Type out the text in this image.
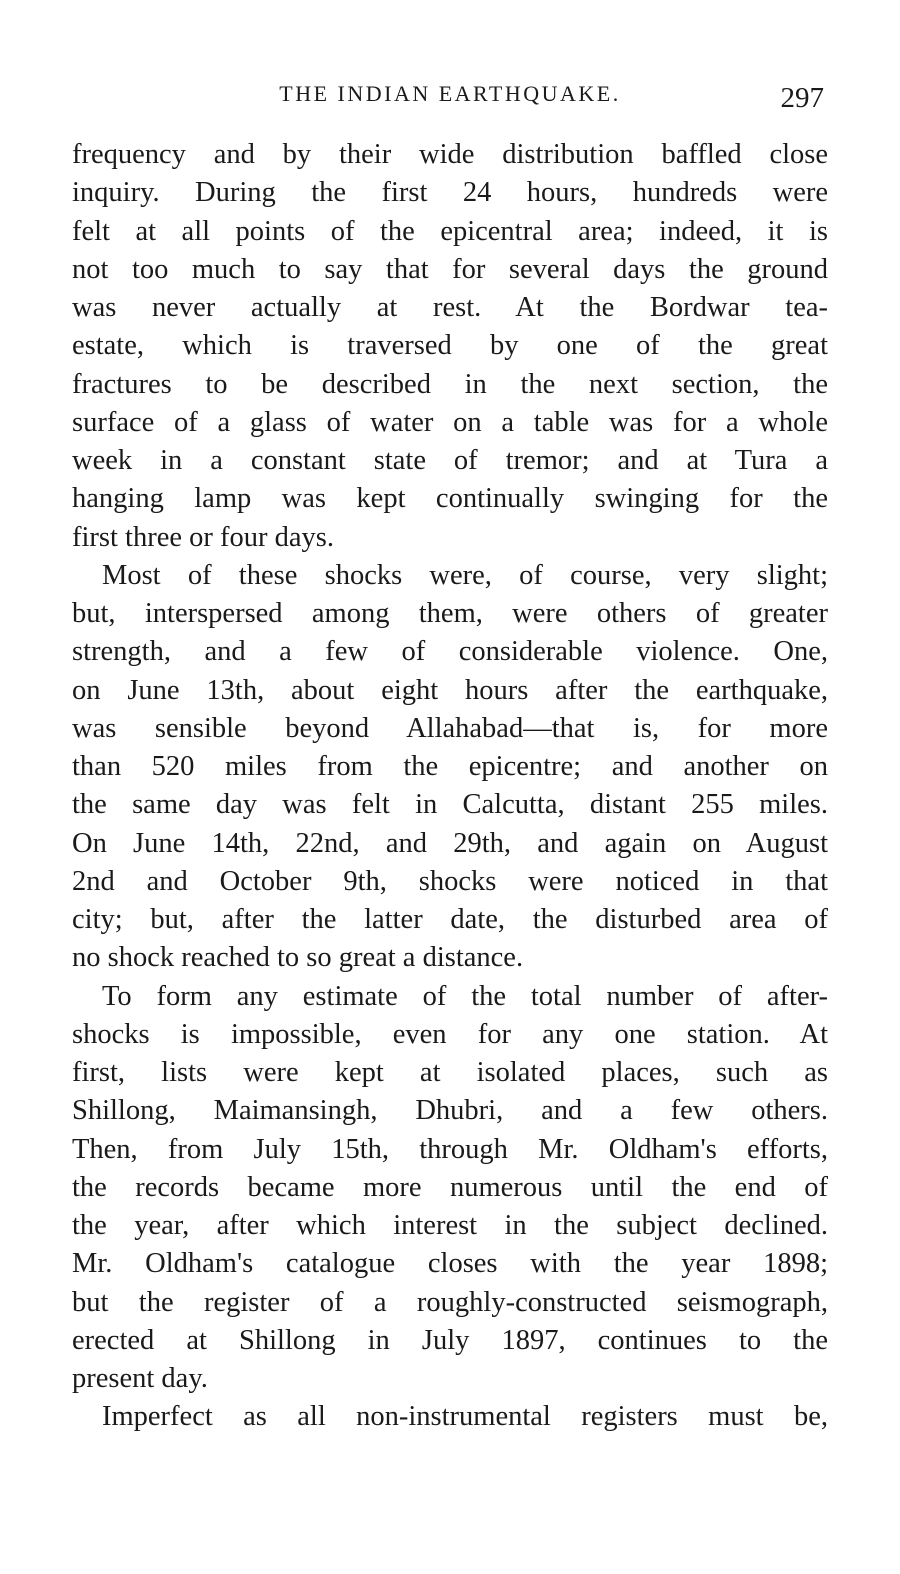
THE INDIAN EARTHQUAKE.	297
frequency and by their wide distribution baffled close
inquiry. During the first 24 hours, hundreds were
felt at all points of the epicentral area; indeed, it is
not too much to say that for several days the ground
was never actually at rest. At the Bordwar tea-
estate, which is traversed by one of the great
fractures to be described in the next section, the
surface of a glass of water on a table was for a whole
week in a constant state of tremor; and at Tura a
hanging lamp was kept continually swinging for the
first three or four days.
Most of these shocks were, of course, very slight;
but, interspersed among them, were others of greater
strength, and a few of considerable violence. One,
on June 13th, about eight hours after the earthquake,
was sensible beyond Allahabad—that is, for more
than 520 miles from the epicentre; and another on
the same day was felt in Calcutta, distant 255 miles.
On June 14th, 22nd, and 29th, and again on August
2nd and October 9th, shocks were noticed in that
city; but, after the latter date, the disturbed area of
no shock reached to so great a distance.
To form any estimate of the total number of after-
shocks is impossible, even for any one station. At
first, lists were kept at isolated places, such as
Shillong, Maimansingh, Dhubri, and a few others.
Then, from July 15th, through Mr. Oldham's efforts,
the records became more numerous until the end of
the year, after which interest in the subject declined.
Mr. Oldham's catalogue closes with the year 1898;
but the register of a roughly-constructed seismograph,
erected at Shillong in July 1897, continues to the
present day.
Imperfect as all non-instrumental registers must be,
